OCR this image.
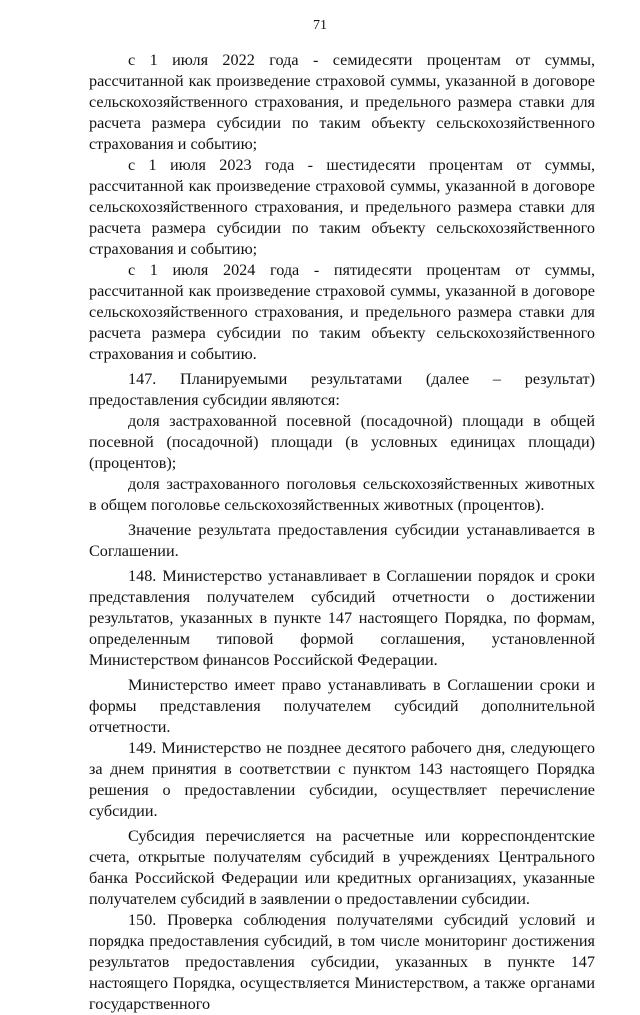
71

с 1 июля 2022 года - семидесяти процентам от суммы, рассчитанной как произведение страховой суммы, указанной в договоре сельскохозяйственного страхования, и предельного размера ставки для расчета размера субсидии по таким объекту сельскохозяйственного страхования и событию;

с 1 июля 2023 года - шестидесяти процентам от суммы, рассчитанной как произведение страховой суммы, указанной в договоре сельскохозяйственного страхования, и предельного размера ставки для расчета размера субсидии по таким объекту сельскохозяйственного страхования и событию;

с 1 июля 2024 года - пятидесяти процентам от суммы, рассчитанной как произведение страховой суммы, указанной в договоре сельскохозяйственного страхования, и предельного размера ставки для расчета размера субсидии по таким объекту сельскохозяйственного страхования и событию.

147. Планируемыми результатами (далее – результат) предоставления субсидии являются:

доля застрахованной посевной (посадочной) площади в общей посевной (посадочной) площади (в условных единицах площади) (процентов);

доля застрахованного поголовья сельскохозяйственных животных в общем поголовье сельскохозяйственных животных (процентов).

Значение результата предоставления субсидии устанавливается в Соглашении.

148. Министерство устанавливает в Соглашении порядок и сроки представления получателем субсидий отчетности о достижении результатов, указанных в пункте 147 настоящего Порядка, по формам, определенным типовой формой соглашения, установленной Министерством финансов Российской Федерации.

Министерство имеет право устанавливать в Соглашении сроки и формы представления получателем субсидий дополнительной отчетности.

149. Министерство не позднее десятого рабочего дня, следующего за днем принятия в соответствии с пунктом 143 настоящего Порядка решения о предоставлении субсидии, осуществляет перечисление субсидии.

Субсидия перечисляется на расчетные или корреспондентские счета, открытые получателям субсидий в учреждениях Центрального банка Российской Федерации или кредитных организациях, указанные получателем субсидий в заявлении о предоставлении субсидии.

150. Проверка соблюдения получателями субсидий условий и порядка предоставления субсидий, в том числе мониторинг достижения результатов предоставления субсидии, указанных в пункте 147 настоящего Порядка, осуществляется Министерством, а также органами государственного
